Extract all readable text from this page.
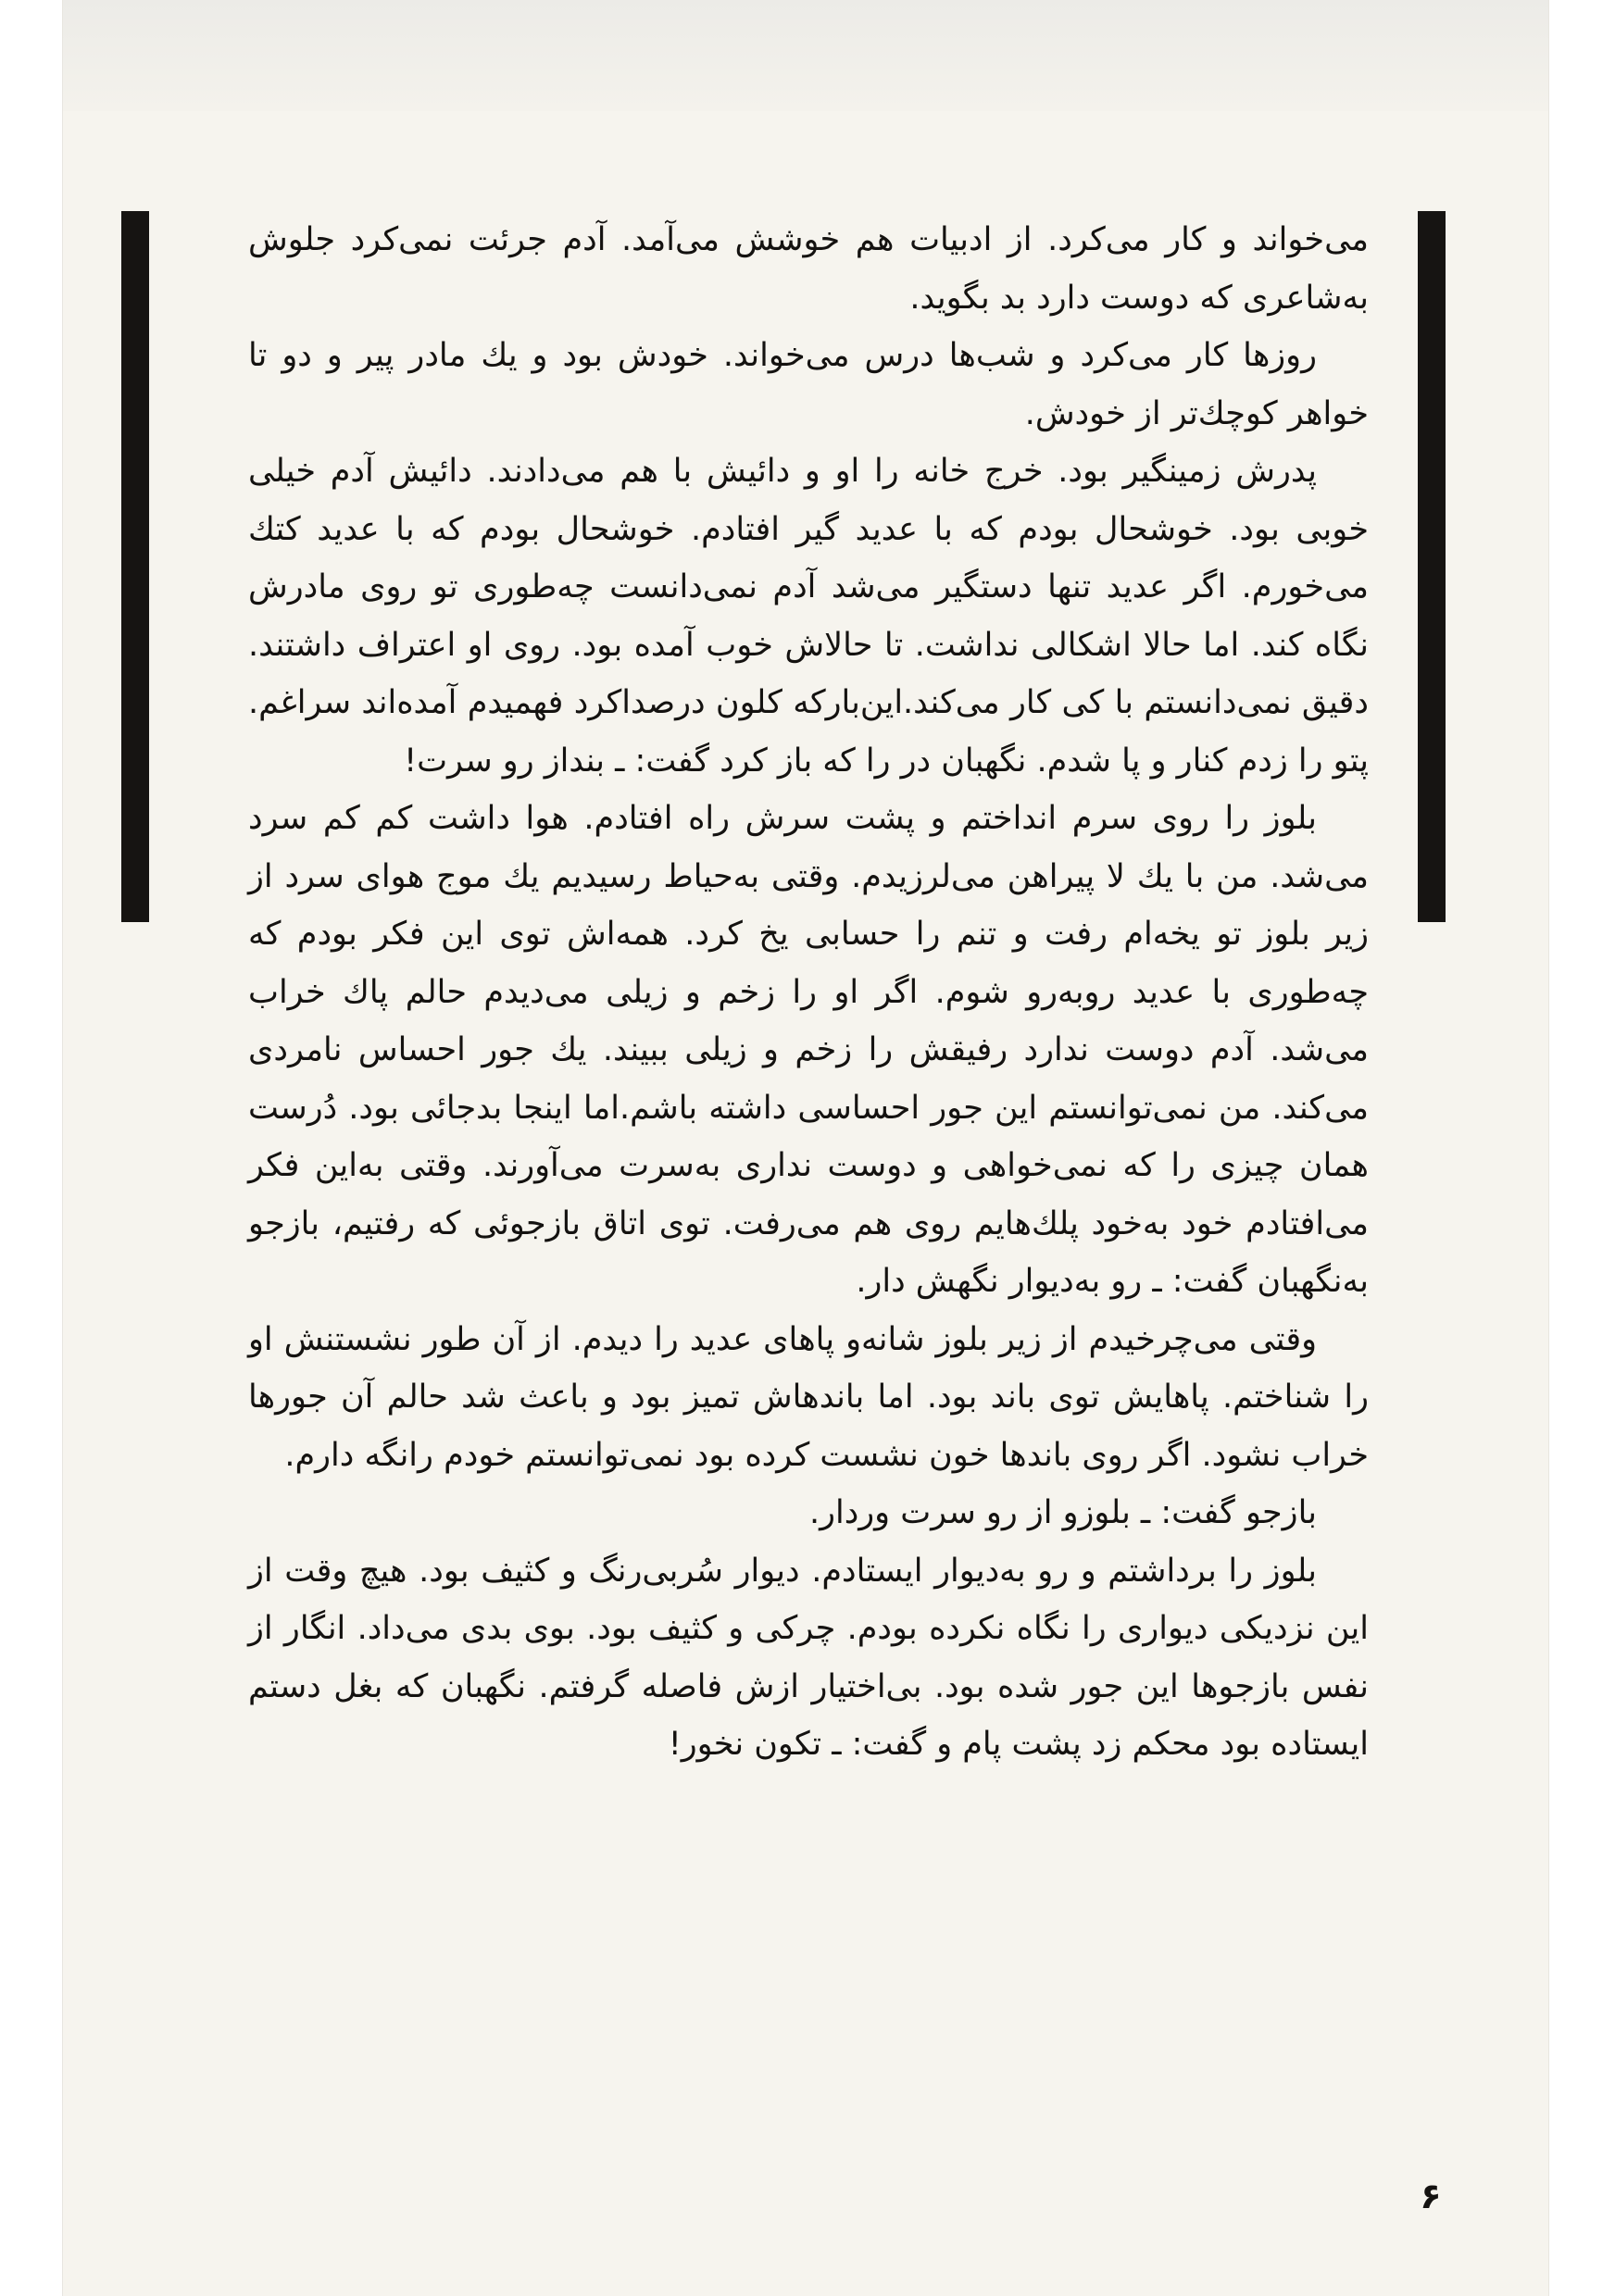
می‌خواند و کار می‌کرد. از ادبیات هم خوشش می‌آمد. آدم جرئت نمی‌کرد جلوش به‌شاعری که دوست دارد بد بگوید.

روزها کار می‌کرد و شب‌ها درس می‌خواند. خودش بود و یك مادر پیر و دو تا خواهر کوچك‌تر از خودش.

پدرش زمینگیر بود. خرج خانه را او و دائیش با هم می‌دادند. دائیش آدم خیلی خوبی بود. خوشحال بودم که با عدید گیر افتادم. خوشحال بودم که با عدید کتك می‌خورم. اگر عدید تنها دستگیر می‌شد آدم نمی‌دانست چه‌طوری تو روی مادرش نگاه کند. اما حالا اشکالی نداشت. تا حالاش خوب آمده بود. روی او اعتراف داشتند. دقیق نمی‌دانستم با کی کار می‌کند.این‌بارکه کلون درصداکرد فهمیدم آمده‌اند سراغم. پتو را زدم کنار و پا شدم. نگهبان در را که باز کرد گفت: ـ بنداز رو سرت!

بلوز را روی سرم انداختم و پشت سرش راه افتادم. هوا داشت کم کم سرد می‌شد. من با یك لا پیراهن می‌لرزیدم. وقتی به‌حیاط رسیدیم یك موج هوای سرد از زیر بلوز تو یخه‌ام رفت و تنم را حسابی یخ کرد. همه‌اش توی این فکر بودم که چه‌طوری با عدید روبه‌رو شوم. اگر او را زخم و زیلی می‌دیدم حالم پاك خراب می‌شد. آدم دوست ندارد رفیقش را زخم و زیلی ببیند. یك جور احساس نامردی می‌کند. من نمی‌توانستم این جور احساسی داشته باشم.اما اینجا بدجائی بود. دُرست همان چیزی را که نمی‌خواهی و دوست نداری به‌سرت می‌آورند. وقتی به‌این فکر می‌افتادم خود به‌خود پلك‌هایم روی هم می‌رفت. توی اتاق بازجوئی که رفتیم، بازجو به‌نگهبان گفت: ـ رو به‌دیوار نگهش دار.

وقتی می‌چرخیدم از زیر بلوز شانه‌و پاهای عدید را دیدم. از آن طور نشستنش او را شناختم. پاهایش توی باند بود. اما باندهاش تمیز بود و باعث شد حالم آن جورها خراب نشود. اگر روی باندها خون نشست کرده بود نمی‌توانستم خودم رانگه دارم.

بازجو گفت: ـ بلوزو از رو سرت وردار.

بلوز را برداشتم و رو به‌دیوار ایستادم. دیوار سُربی‌رنگ و کثیف بود. هیچ وقت از این نزدیکی دیواری را نگاه نکرده بودم. چرکی و کثیف بود. بوی بدی می‌داد. انگار از نفس بازجوها این جور شده بود. بی‌اختیار ازش فاصله گرفتم. نگهبان که بغل دستم ایستاده بود محکم زد پشت پام و گفت: ـ تکون نخور!

۶
